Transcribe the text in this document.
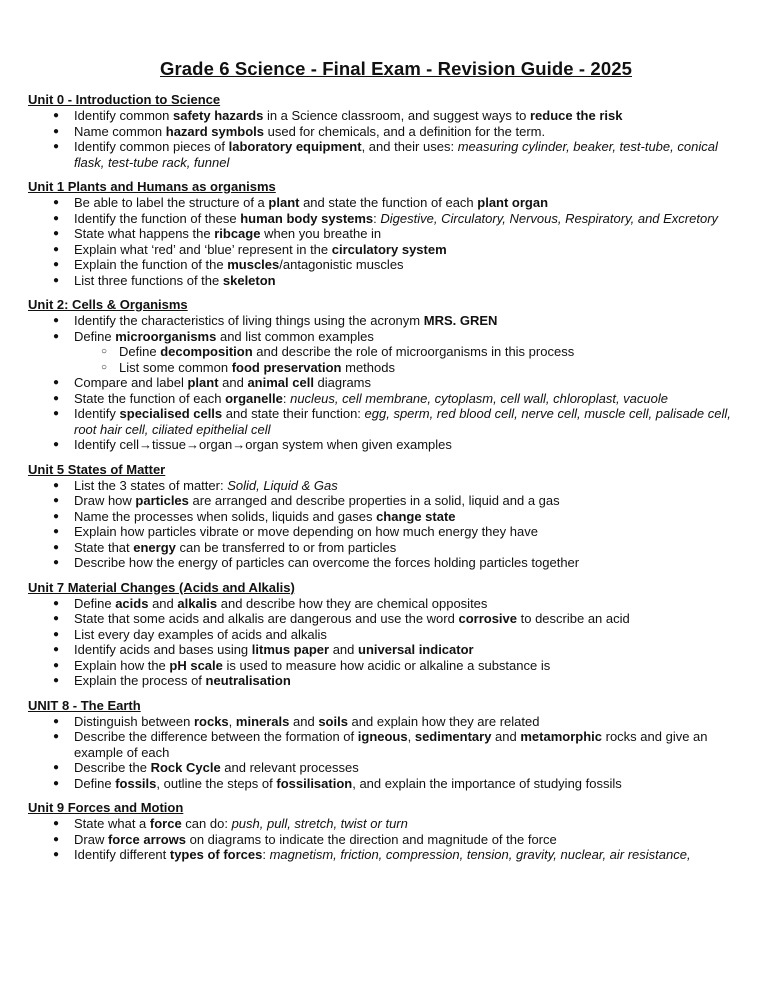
Grade 6 Science - Final Exam - Revision Guide - 2025
Unit 0 - Introduction to Science
● Identify common safety hazards in a Science classroom, and suggest ways to reduce the risk
● Name common hazard symbols used for chemicals, and a definition for the term.
● Identify common pieces of laboratory equipment, and their uses: measuring cylinder, beaker, test-tube, conical flask, test-tube rack, funnel
Unit 1 Plants and Humans as organisms
● Be able to label the structure of a plant and state the function of each plant organ
● Identify the function of these human body systems: Digestive, Circulatory, Nervous, Respiratory, and Excretory
● State what happens the ribcage when you breathe in
● Explain what ‘red’ and ‘blue’ represent in the circulatory system
● Explain the function of the muscles/antagonistic muscles
● List three functions of the skeleton
Unit 2: Cells & Organisms
● Identify the characteristics of living things using the acronym MRS. GREN
● Define microorganisms and list common examples
○ Define decomposition and describe the role of microorganisms in this process
○ List some common food preservation methods
● Compare and label plant and animal cell diagrams
● State the function of each organelle: nucleus, cell membrane, cytoplasm, cell wall, chloroplast, vacuole
● Identify specialised cells and state their function: egg, sperm, red blood cell, nerve cell, muscle cell, palisade cell, root hair cell, ciliated epithelial cell
● Identify cell→tissue→organ→organ system when given examples
Unit 5 States of Matter
● List the 3 states of matter: Solid, Liquid & Gas
● Draw how particles are arranged and describe properties in a solid, liquid and a gas
● Name the processes when solids, liquids and gases change state
● Explain how particles vibrate or move depending on how much energy they have
● State that energy can be transferred to or from particles
● Describe how the energy of particles can overcome the forces holding particles together
Unit 7 Material Changes (Acids and Alkalis)
● Define acids and alkalis and describe how they are chemical opposites
● State that some acids and alkalis are dangerous and use the word corrosive to describe an acid
● List every day examples of acids and alkalis
● Identify acids and bases using litmus paper and universal indicator
● Explain how the pH scale is used to measure how acidic or alkaline a substance is
● Explain the process of neutralisation
UNIT 8 - The Earth
● Distinguish between rocks, minerals and soils and explain how they are related
● Describe the difference between the formation of igneous, sedimentary and metamorphic rocks and give an example of each
● Describe the Rock Cycle and relevant processes
● Define fossils, outline the steps of fossilisation, and explain the importance of studying fossils
Unit 9 Forces and Motion
● State what a force can do: push, pull, stretch, twist or turn
● Draw force arrows on diagrams to indicate the direction and magnitude of the force
● Identify different types of forces: magnetism, friction, compression, tension, gravity, nuclear, air resistance,
